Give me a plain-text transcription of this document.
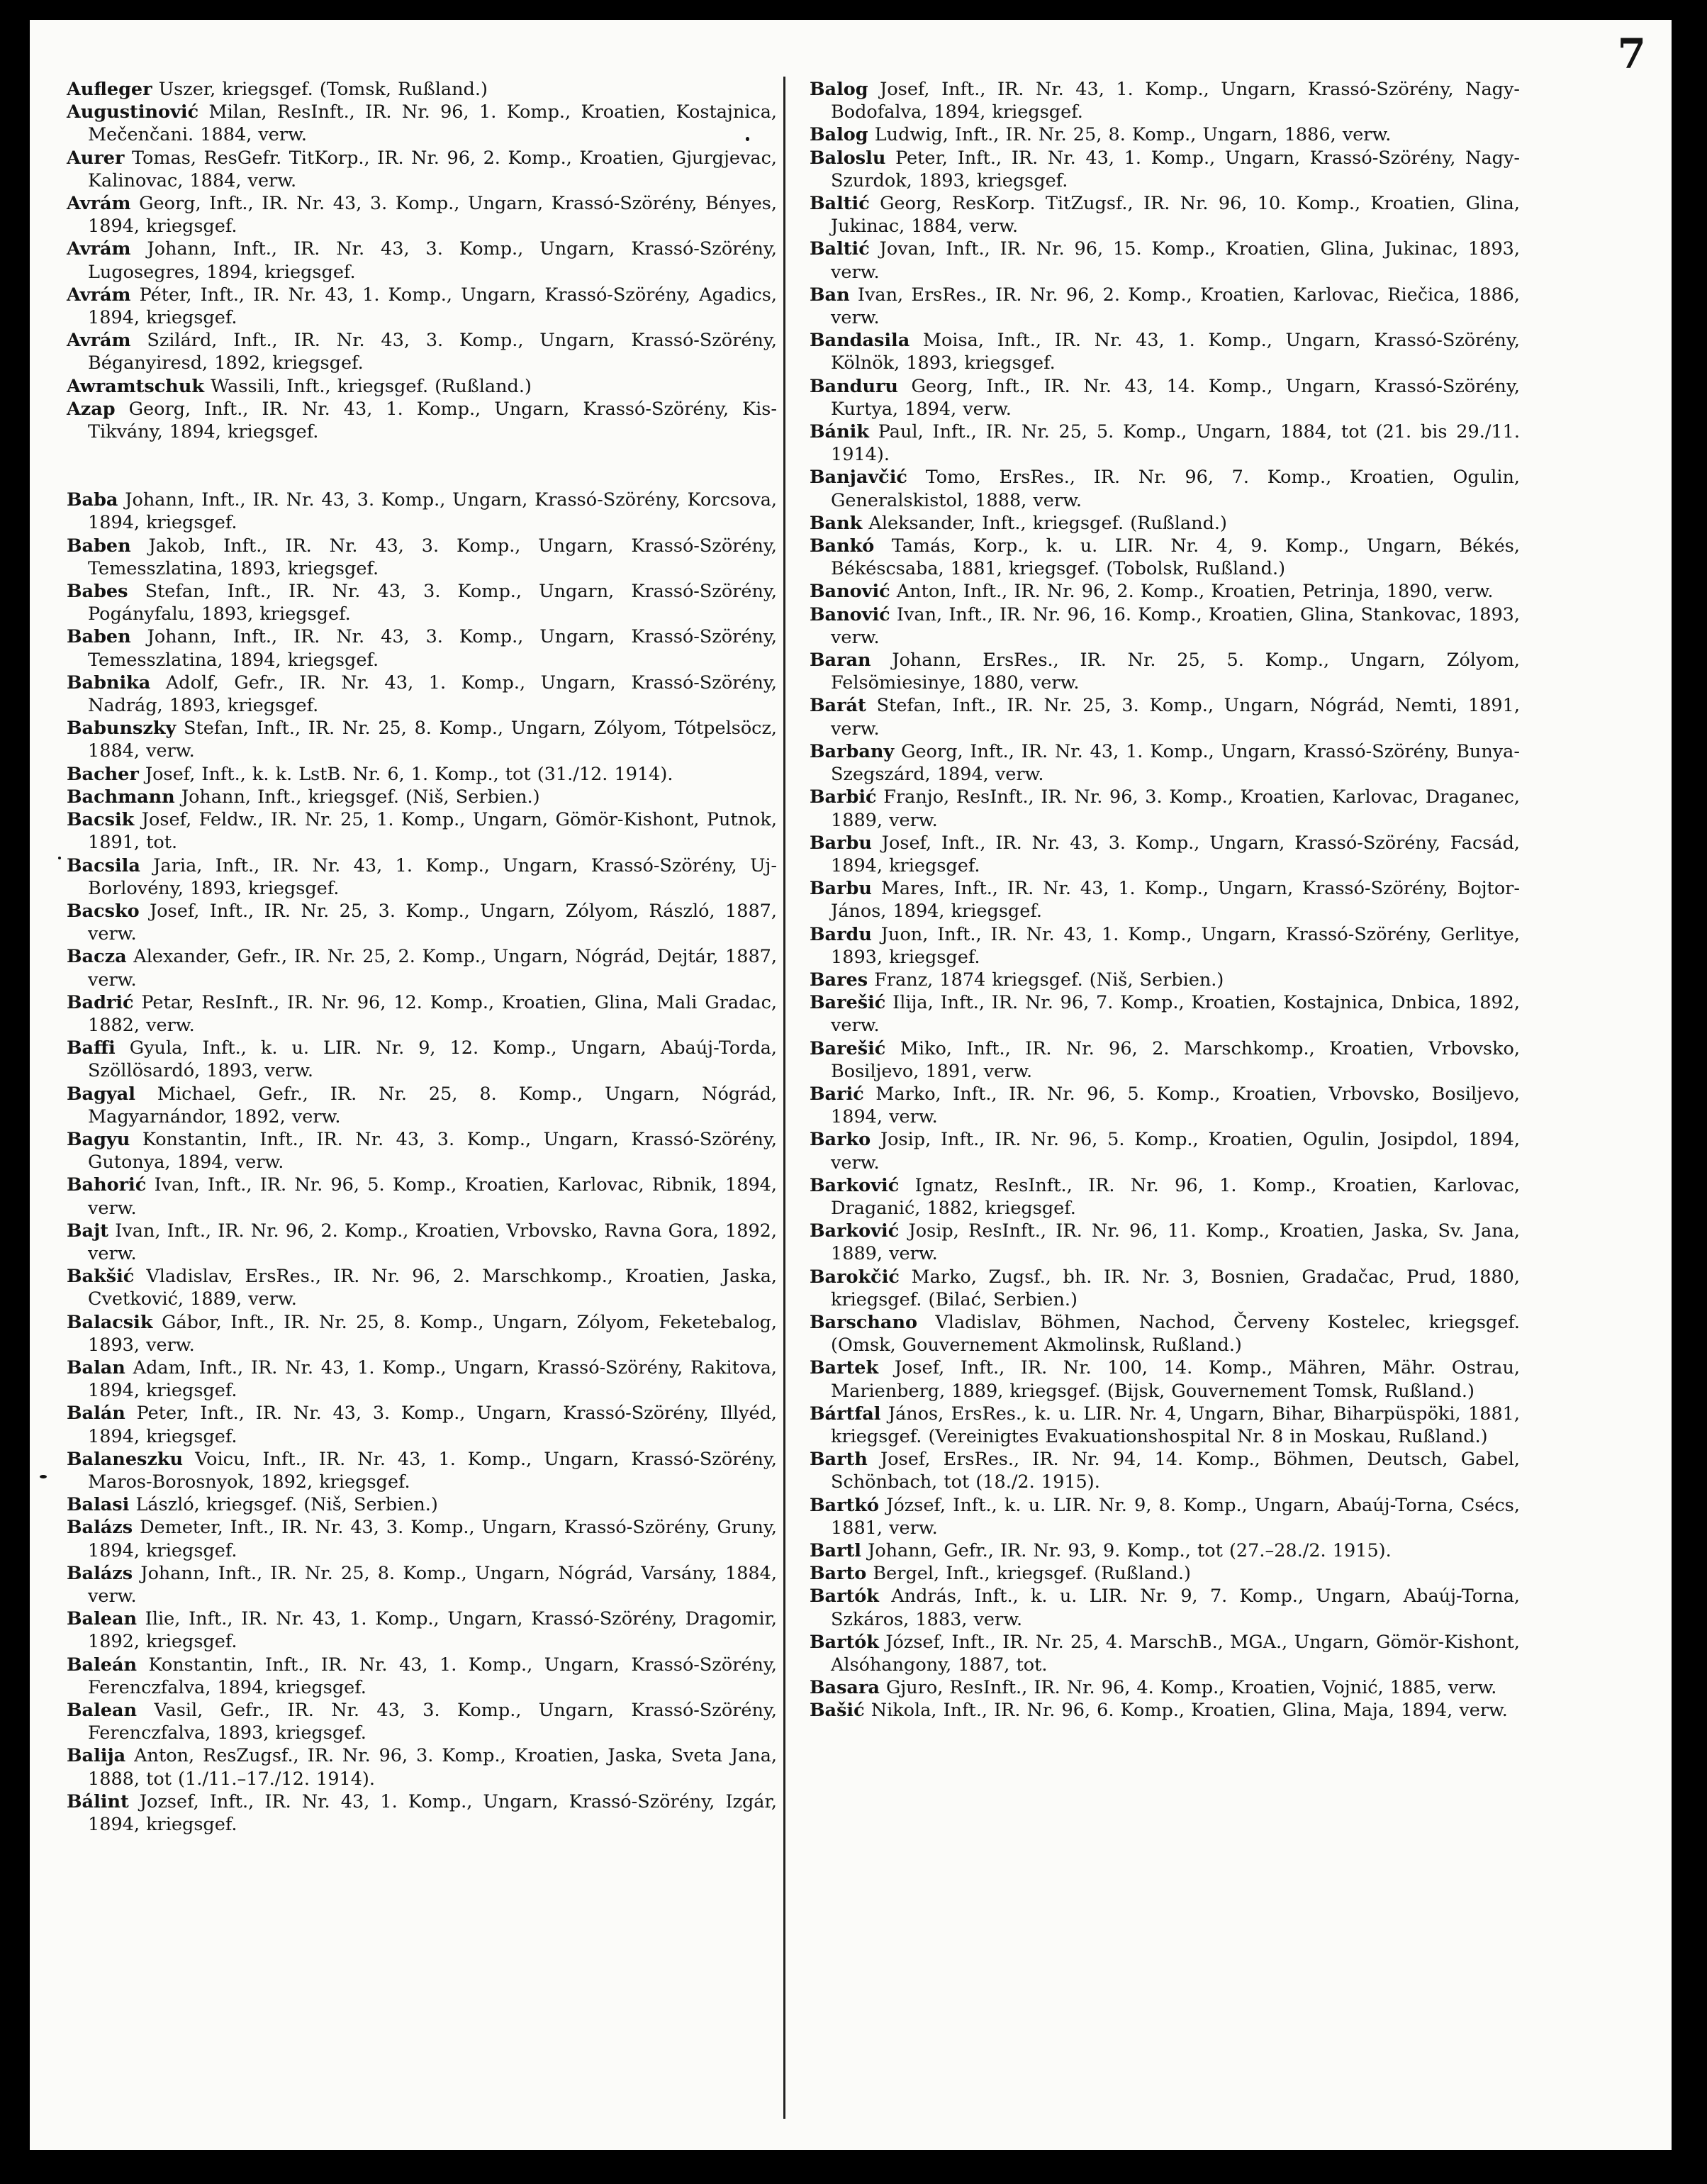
7

Aufleger Uszer, kriegsgef. (Tomsk, Rußland.)

Augustinović Milan, ResInft., IR. Nr. 96, 1. Komp., Kroatien, Kostajnica, Mečenčani. 1884, verw.

Aurer Tomas, ResGefr. TitKorp., IR. Nr. 96, 2. Komp., Kroatien, Gjurgjevac, Kalinovac, 1884, verw.

Avrám Georg, Inft., IR. Nr. 43, 3. Komp., Ungarn, Krassó-Szörény, Bényes, 1894, kriegsgef.

Avrám Johann, Inft., IR. Nr. 43, 3. Komp., Ungarn, Krassó-Szörény, Lugosegres, 1894, kriegsgef.

Avrám Péter, Inft., IR. Nr. 43, 1. Komp., Ungarn, Krassó-Szörény, Agadics, 1894, kriegsgef.

Avrám Szilárd, Inft., IR. Nr. 43, 3. Komp., Ungarn, Krassó-Szörény, Béganyiresd, 1892, kriegsgef.

Awramtschuk Wassili, Inft., kriegsgef. (Rußland.)

Azap Georg, Inft., IR. Nr. 43, 1. Komp., Ungarn, Krassó-Szörény, Kis-Tikvány, 1894, kriegsgef.

Baba Johann, Inft., IR. Nr. 43, 3. Komp., Ungarn, Krassó-Szörény, Korcsova, 1894, kriegsgef.

Baben Jakob, Inft., IR. Nr. 43, 3. Komp., Ungarn, Krassó-Szörény, Temesszlatina, 1893, kriegsgef.

Babes Stefan, Inft., IR. Nr. 43, 3. Komp., Ungarn, Krassó-Szörény, Pogányfalu, 1893, kriegsgef.

Baben Johann, Inft., IR. Nr. 43, 3. Komp., Ungarn, Krassó-Szörény, Temesszlatina, 1894, kriegsgef.

Babnika Adolf, Gefr., IR. Nr. 43, 1. Komp., Ungarn, Krassó-Szörény, Nadrág, 1893, kriegsgef.

Babunszky Stefan, Inft., IR. Nr. 25, 8. Komp., Ungarn, Zólyom, Tótpelsöcz, 1884, verw.

Bacher Josef, Inft., k. k. LstB. Nr. 6, 1. Komp., tot (31./12. 1914).

Bachmann Johann, Inft., kriegsgef. (Niš, Serbien.)

Bacsik Josef, Feldw., IR. Nr. 25, 1. Komp., Ungarn, Gömör-Kishont, Putnok, 1891, tot.

Bacsila Jaria, Inft., IR. Nr. 43, 1. Komp., Ungarn, Krassó-Szörény, Uj-Borlovény, 1893, kriegsgef.

Bacsko Josef, Inft., IR. Nr. 25, 3. Komp., Ungarn, Zólyom, Rászló, 1887, verw.

Bacza Alexander, Gefr., IR. Nr. 25, 2. Komp., Ungarn, Nógrád, Dejtár, 1887, verw.

Badrić Petar, ResInft., IR. Nr. 96, 12. Komp., Kroatien, Glina, Mali Gradac, 1882, verw.

Baffi Gyula, Inft., k. u. LIR. Nr. 9, 12. Komp., Ungarn, Abaúj-Torda, Szöllösardó, 1893, verw.

Bagyal Michael, Gefr., IR. Nr. 25, 8. Komp., Ungarn, Nógrád, Magyarnándor, 1892, verw.

Bagyu Konstantin, Inft., IR. Nr. 43, 3. Komp., Ungarn, Krassó-Szörény, Gutonya, 1894, verw.

Bahorić Ivan, Inft., IR. Nr. 96, 5. Komp., Kroatien, Karlovac, Ribnik, 1894, verw.

Bajt Ivan, Inft., IR. Nr. 96, 2. Komp., Kroatien, Vrbovsko, Ravna Gora, 1892, verw.

Bakšić Vladislav, ErsRes., IR. Nr. 96, 2. Marschkomp., Kroatien, Jaska, Cvetković, 1889, verw.

Balacsik Gábor, Inft., IR. Nr. 25, 8. Komp., Ungarn, Zólyom, Feketebalog, 1893, verw.

Balan Adam, Inft., IR. Nr. 43, 1. Komp., Ungarn, Krassó-Szörény, Rakitova, 1894, kriegsgef.

Balán Peter, Inft., IR. Nr. 43, 3. Komp., Ungarn, Krassó-Szörény, Illyéd, 1894, kriegsgef.

Balaneszku Voicu, Inft., IR. Nr. 43, 1. Komp., Ungarn, Krassó-Szörény, Maros-Borosnyok, 1892, kriegsgef.

Balasi László, kriegsgef. (Niš, Serbien.)

Balázs Demeter, Inft., IR. Nr. 43, 3. Komp., Ungarn, Krassó-Szörény, Gruny, 1894, kriegsgef.

Balázs Johann, Inft., IR. Nr. 25, 8. Komp., Ungarn, Nógrád, Varsány, 1884, verw.

Balean Ilie, Inft., IR. Nr. 43, 1. Komp., Ungarn, Krassó-Szörény, Dragomir, 1892, kriegsgef.

Baleán Konstantin, Inft., IR. Nr. 43, 1. Komp., Ungarn, Krassó-Szörény, Ferenczfalva, 1894, kriegsgef.

Balean Vasil, Gefr., IR. Nr. 43, 3. Komp., Ungarn, Krassó-Szörény, Ferenczfalva, 1893, kriegsgef.

Balija Anton, ResZugsf., IR. Nr. 96, 3. Komp., Kroatien, Jaska, Sveta Jana, 1888, tot (1./11.–17./12. 1914).

Bálint Jozsef, Inft., IR. Nr. 43, 1. Komp., Ungarn, Krassó-Szörény, Izgár, 1894, kriegsgef.

Balog Josef, Inft., IR. Nr. 43, 1. Komp., Ungarn, Krassó-Szörény, Nagy-Bodofalva, 1894, kriegsgef.

Balog Ludwig, Inft., IR. Nr. 25, 8. Komp., Ungarn, 1886, verw.

Baloslu Peter, Inft., IR. Nr. 43, 1. Komp., Ungarn, Krassó-Szörény, Nagy-Szurdok, 1893, kriegsgef.

Baltić Georg, ResKorp. TitZugsf., IR. Nr. 96, 10. Komp., Kroatien, Glina, Jukinac, 1884, verw.

Baltić Jovan, Inft., IR. Nr. 96, 15. Komp., Kroatien, Glina, Jukinac, 1893, verw.

Ban Ivan, ErsRes., IR. Nr. 96, 2. Komp., Kroatien, Karlovac, Riečica, 1886, verw.

Bandasila Moisa, Inft., IR. Nr. 43, 1. Komp., Ungarn, Krassó-Szörény, Kölnök, 1893, kriegsgef.

Banduru Georg, Inft., IR. Nr. 43, 14. Komp., Ungarn, Krassó-Szörény, Kurtya, 1894, verw.

Bánik Paul, Inft., IR. Nr. 25, 5. Komp., Ungarn, 1884, tot (21. bis 29./11. 1914).

Banjavčić Tomo, ErsRes., IR. Nr. 96, 7. Komp., Kroatien, Ogulin, Generalskistol, 1888, verw.

Bank Aleksander, Inft., kriegsgef. (Rußland.)

Bankó Tamás, Korp., k. u. LIR. Nr. 4, 9. Komp., Ungarn, Békés, Békéscsaba, 1881, kriegsgef. (Tobolsk, Rußland.)

Banović Anton, Inft., IR. Nr. 96, 2. Komp., Kroatien, Petrinja, 1890, verw.

Banović Ivan, Inft., IR. Nr. 96, 16. Komp., Kroatien, Glina, Stankovac, 1893, verw.

Baran Johann, ErsRes., IR. Nr. 25, 5. Komp., Ungarn, Zólyom, Felsömiesinye, 1880, verw.

Barát Stefan, Inft., IR. Nr. 25, 3. Komp., Ungarn, Nógrád, Nemti, 1891, verw.

Barbany Georg, Inft., IR. Nr. 43, 1. Komp., Ungarn, Krassó-Szörény, Bunya-Szegszárd, 1894, verw.

Barbić Franjo, ResInft., IR. Nr. 96, 3. Komp., Kroatien, Karlovac, Draganec, 1889, verw.

Barbu Josef, Inft., IR. Nr. 43, 3. Komp., Ungarn, Krassó-Szörény, Facsád, 1894, kriegsgef.

Barbu Mares, Inft., IR. Nr. 43, 1. Komp., Ungarn, Krassó-Szörény, Bojtor-János, 1894, kriegsgef.

Bardu Juon, Inft., IR. Nr. 43, 1. Komp., Ungarn, Krassó-Szörény, Gerlitye, 1893, kriegsgef.

Bares Franz, 1874 kriegsgef. (Niš, Serbien.)

Barešić Ilija, Inft., IR. Nr. 96, 7. Komp., Kroatien, Kostajnica, Dnbica, 1892, verw.

Barešić Miko, Inft., IR. Nr. 96, 2. Marschkomp., Kroatien, Vrbovsko, Bosiljevo, 1891, verw.

Barić Marko, Inft., IR. Nr. 96, 5. Komp., Kroatien, Vrbovsko, Bosiljevo, 1894, verw.

Barko Josip, Inft., IR. Nr. 96, 5. Komp., Kroatien, Ogulin, Josipdol, 1894, verw.

Barković Ignatz, ResInft., IR. Nr. 96, 1. Komp., Kroatien, Karlovac, Draganić, 1882, kriegsgef.

Barković Josip, ResInft., IR. Nr. 96, 11. Komp., Kroatien, Jaska, Sv. Jana, 1889, verw.

Barokčić Marko, Zugsf., bh. IR. Nr. 3, Bosnien, Gradačac, Prud, 1880, kriegsgef. (Bilać, Serbien.)

Barschano Vladislav, Böhmen, Nachod, Červeny Kostelec, kriegsgef. (Omsk, Gouvernement Akmolinsk, Rußland.)

Bartek Josef, Inft., IR. Nr. 100, 14. Komp., Mähren, Mähr. Ostrau, Marienberg, 1889, kriegsgef. (Bijsk, Gouvernement Tomsk, Rußland.)

Bártfal János, ErsRes., k. u. LIR. Nr. 4, Ungarn, Bihar, Biharpüspöki, 1881, kriegsgef. (Vereinigtes Evakuationshospital Nr. 8 in Moskau, Rußland.)

Barth Josef, ErsRes., IR. Nr. 94, 14. Komp., Böhmen, Deutsch, Gabel, Schönbach, tot (18./2. 1915).

Bartkó József, Inft., k. u. LIR. Nr. 9, 8. Komp., Ungarn, Abaúj-Torna, Csécs, 1881, verw.

Bartl Johann, Gefr., IR. Nr. 93, 9. Komp., tot (27.–28./2. 1915).

Barto Bergel, Inft., kriegsgef. (Rußland.)

Bartók András, Inft., k. u. LIR. Nr. 9, 7. Komp., Ungarn, Abaúj-Torna, Szkáros, 1883, verw.

Bartók József, Inft., IR. Nr. 25, 4. MarschB., MGA., Ungarn, Gömör-Kishont, Alsóhangony, 1887, tot.

Basara Gjuro, ResInft., IR. Nr. 96, 4. Komp., Kroatien, Vojnić, 1885, verw.

Bašić Nikola, Inft., IR. Nr. 96, 6. Komp., Kroatien, Glina, Maja, 1894, verw.
